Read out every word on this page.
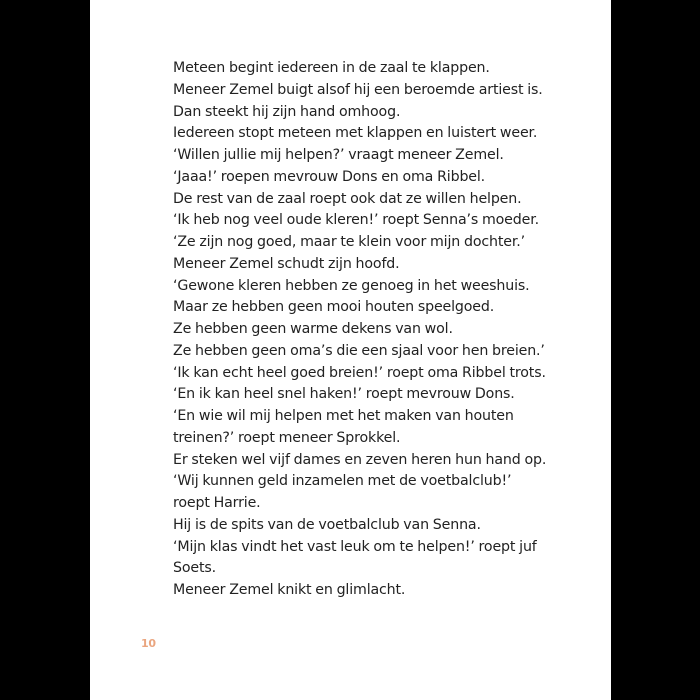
Meteen begint iedereen in de zaal te klappen.
Meneer Zemel buigt alsof hij een beroemde artiest is.
Dan steekt hij zijn hand omhoog.
Iedereen stopt meteen met klappen en luistert weer.
‘Willen jullie mij helpen?’ vraagt meneer Zemel.
‘Jaaa!’ roepen mevrouw Dons en oma Ribbel.
De rest van de zaal roept ook dat ze willen helpen.
‘Ik heb nog veel oude kleren!’ roept Senna’s moeder.
‘Ze zijn nog goed, maar te klein voor mijn dochter.’
Meneer Zemel schudt zijn hoofd.
‘Gewone kleren hebben ze genoeg in het weeshuis.
Maar ze hebben geen mooi houten speelgoed.
Ze hebben geen warme dekens van wol.
Ze hebben geen oma’s die een sjaal voor hen breien.’
‘Ik kan echt heel goed breien!’ roept oma Ribbel trots.
‘En ik kan heel snel haken!’ roept mevrouw Dons.
‘En wie wil mij helpen met het maken van houten
treinen?’ roept meneer Sprokkel.
Er steken wel vijf dames en zeven heren hun hand op.
‘Wij kunnen geld inzamelen met de voetbalclub!’
roept Harrie.
Hij is de spits van de voetbalclub van Senna.
‘Mijn klas vindt het vast leuk om te helpen!’ roept juf
Soets.
Meneer Zemel knikt en glimlacht.
10
